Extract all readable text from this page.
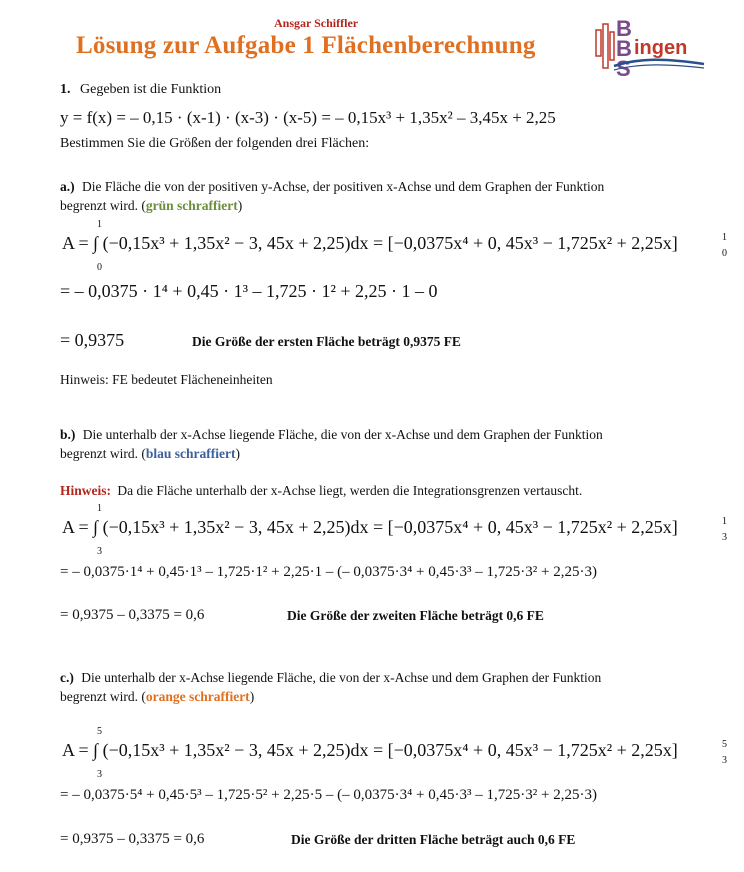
Ansgar Schiffler
Lösung zur Aufgabe 1 Flächenberechnung
B
B
S
ingen
1. Gegeben ist die Funktion
y = f(x) = – 0,15 · (x-1) · (x-3) · (x-5) = – 0,15x³ + 1,35x² – 3,45x + 2,25
Bestimmen Sie die Größen der folgenden drei Flächen:
a.) Die Fläche die von der positiven y-Achse, der positiven x-Achse und dem Graphen der Funktion
begrenzt wird. (grün schraffiert)
1
0
A = ∫ (−0,15x³ + 1,35x² − 3, 45x + 2,25)dx = [−0,0375x⁴ + 0, 45x³ − 1,725x² + 2,25x]	1
0
= – 0,0375 · 1⁴ + 0,45 · 1³ – 1,725 · 1² + 2,25 · 1 – 0
= 0,9375	Die Größe der ersten Fläche beträgt 0,9375 FE
Hinweis: FE bedeutet Flächeneinheiten
b.) Die unterhalb der x-Achse liegende Fläche, die von der x-Achse und dem Graphen der Funktion
begrenzt wird. (blau schraffiert)
Hinweis: Da die Fläche unterhalb der x-Achse liegt, werden die Integrationsgrenzen vertauscht.
1
3
A = ∫ (−0,15x³ + 1,35x² − 3, 45x + 2,25)dx = [−0,0375x⁴ + 0, 45x³ − 1,725x² + 2,25x]	1
3
= – 0,0375·1⁴ + 0,45·1³ – 1,725·1² + 2,25·1 – (– 0,0375·3⁴ + 0,45·3³ – 1,725·3² + 2,25·3)
= 0,9375 – 0,3375 = 0,6	Die Größe der zweiten Fläche beträgt 0,6 FE
c.) Die unterhalb der x-Achse liegende Fläche, die von der x-Achse und dem Graphen der Funktion
begrenzt wird. (orange schraffiert)
5
3
A = ∫ (−0,15x³ + 1,35x² − 3, 45x + 2,25)dx = [−0,0375x⁴ + 0, 45x³ − 1,725x² + 2,25x]	5
3
= – 0,0375·5⁴ + 0,45·5³ – 1,725·5² + 2,25·5 – (– 0,0375·3⁴ + 0,45·3³ – 1,725·3² + 2,25·3)
= 0,9375 – 0,3375 = 0,6	Die Größe der dritten Fläche beträgt auch 0,6 FE
